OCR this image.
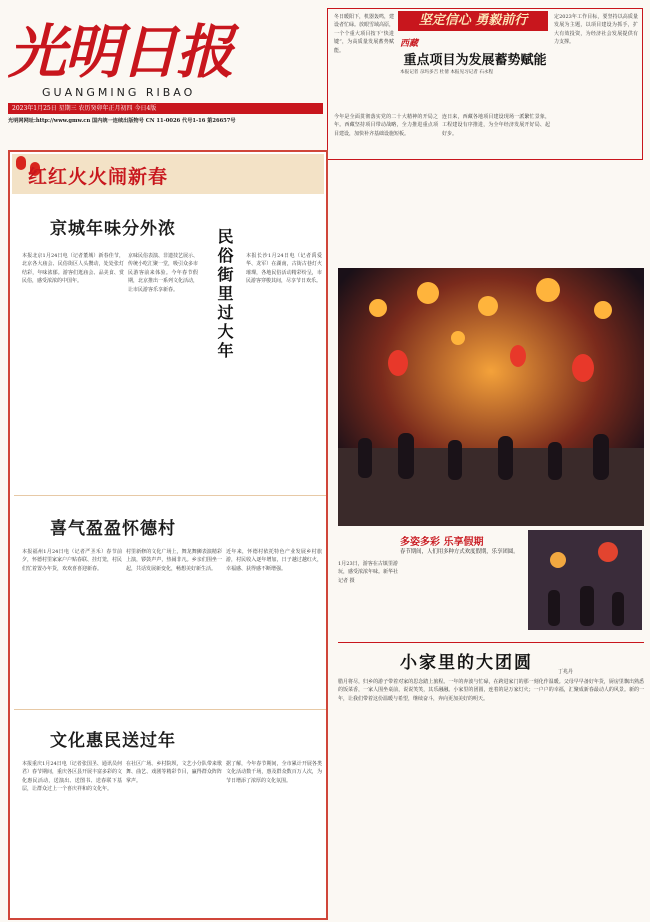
光明日报
GUANGMING RIBAO
2023年1月25日 星期三 农历癸卯年正月初四 今日4版
光明网网址:http://www.gmw.cn 国内统一连续出版物号 CN 11-0026 代号1-16 第26657号
冬日暖阳下，机器轰鸣，建设者忙碌。放眼雪域高原，一个个重大项目按下“快进键”，为高质量发展蓄势赋能。
坚定信心 勇毅前行	定2023年工作目标，要坚持以高质量发展为主题，以项目建设为抓手，扩大有效投资，为经济社会发展提供有力支撑。
西藏
重点项目为发展蓄势赋能
本报记者 尕玛多吉 杜倩 本报见习记者 石永程
今年是全面贯彻落实党的二十大精神的开局之年。西藏坚持项目带动战略，全力推进重点项目建设，加快补齐基础设施短板。
连日来，西藏各地项目建设现场一派繁忙景象，工程建设有序推进，为全年经济发展开好局、起好步。
红红火火闹新春
京城年味分外浓
本报北京1月24日电（记者董城）新春佳节，北京各大庙会、民俗街区人头攒动，处处张灯结彩，年味浓郁。游客们逛庙会、品美食、赏民俗，感受浓浓的中国年。
京味民俗表演、非遗技艺展示、传统小吃汇聚一堂，吸引众多市民游客前来体验。今年春节假期，北京推出一系列文化活动，让市民游客乐享新春。
本报长沙1月24日电（记者禹爱华、龙军）在湖南，古街古巷灯火璀璨，各地民俗活动精彩纷呈，市民游客穿梭其间，尽享节日欢乐。
民俗街里过大年
喜气盈盈怀德村
本报福州1月24日电（记者严圣禾）春节前夕，怀德村里家家户户贴春联、挂灯笼，村民们忙着置办年货，欢欢喜喜迎新春。
村里新修的文化广场上，舞龙舞狮表演精彩上演，锣鼓声声，热闹非凡。乡亲们围坐一起，共话发展新变化，畅想美好新生活。
近年来，怀德村依托特色产业发展乡村旅游，村民收入逐年增加，日子越过越红火，幸福感、获得感不断增强。
文化惠民送过年
本报重庆1月24日电（记者张国圣、通讯员何君）春节期间，重庆各区县开展丰富多彩的文化惠民活动，送演出、送图书、送春联下基层，让群众过上一个喜庆祥和的文化年。
在社区广场、乡村院坝，文艺小分队带来歌舞、曲艺、戏剧等精彩节目，赢得群众阵阵掌声。
据了解，今年春节期间，全市累计开展各类文化活动数千场，惠及群众数百万人次，为节日增添了浓厚的文化氛围。
多姿多彩 乐享假期
春节期间，人们用多种方式欢度假期，乐享团圆。
1月23日，游客在古镇里游玩，感受浓浓年味。新华社记者 摄
小家里的大团圆	丁兆丹
腊月将尽，归乡的游子带着对家的思念踏上旅程。一年的奔波与忙碌，在跨进家门的那一刻化作温暖。父母早早备好年货，厨房里飘出熟悉的饭菜香，一家人围坐桌前，说说笑笑，其乐融融。小家里的团圆，连着的是万家灯火；一户户的幸福，汇聚成新春最动人的风景。新的一年，让我们带着这份温暖与希望，继续奋斗，奔向更加美好的明天。
